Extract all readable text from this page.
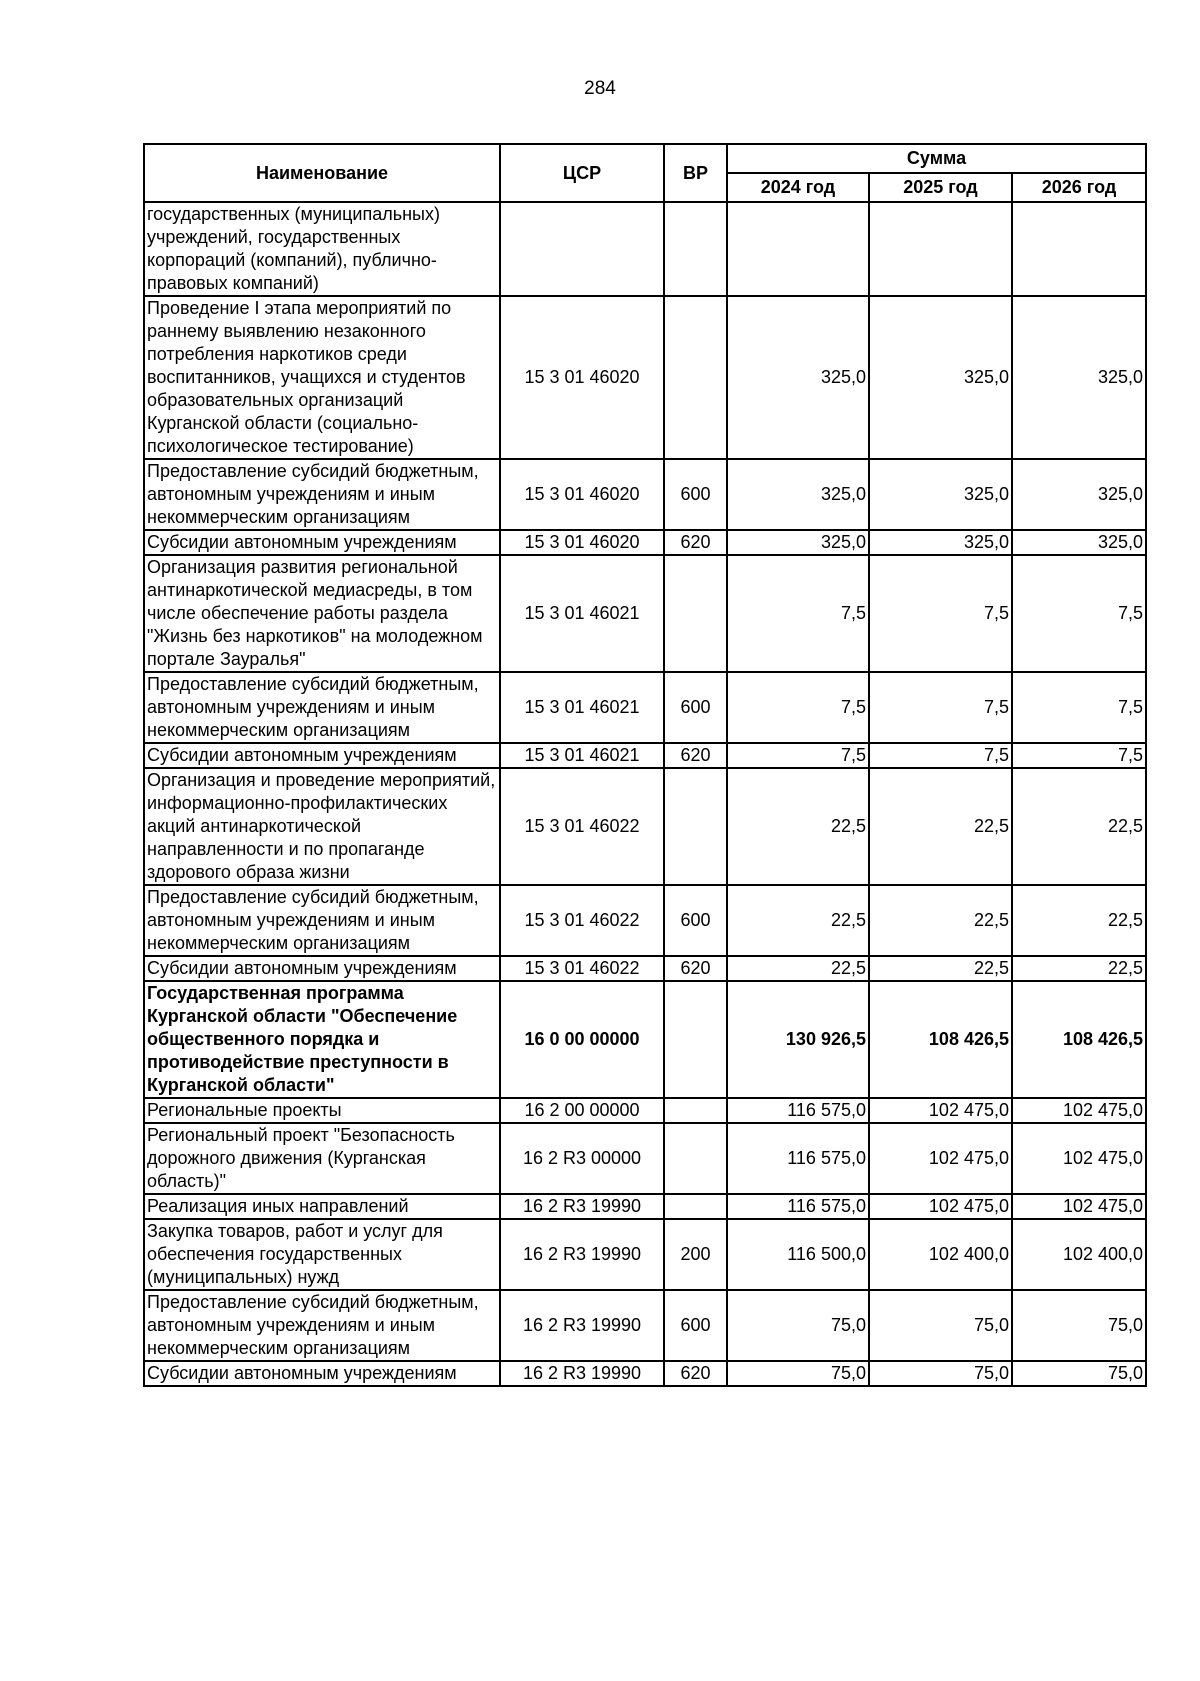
284
Наименование	ЦСР	ВР	Сумма		
			2024 год	2025 год	2026 год
государственных (муниципальных) учреждений, государственных корпораций (компаний), публично-правовых компаний)					
Проведение I этапа мероприятий по раннему выявлению незаконного потребления наркотиков среди воспитанников, учащихся и студентов образовательных организаций Курганской области (социально-психологическое тестирование)	15 3 01 46020		325,0	325,0	325,0
Предоставление субсидий бюджетным, автономным учреждениям и иным некоммерческим организациям	15 3 01 46020	600	325,0	325,0	325,0
Субсидии автономным учреждениям	15 3 01 46020	620	325,0	325,0	325,0
Организация развития региональной антинаркотической медиасреды, в том числе обеспечение работы раздела "Жизнь без наркотиков" на молодежном портале Зауралья"	15 3 01 46021		7,5	7,5	7,5
Предоставление субсидий бюджетным, автономным учреждениям и иным некоммерческим организациям	15 3 01 46021	600	7,5	7,5	7,5
Субсидии автономным учреждениям	15 3 01 46021	620	7,5	7,5	7,5
Организация и проведение мероприятий, информационно-профилактических акций антинаркотической направленности и по пропаганде здорового образа жизни	15 3 01 46022		22,5	22,5	22,5
Предоставление субсидий бюджетным, автономным учреждениям и иным некоммерческим организациям	15 3 01 46022	600	22,5	22,5	22,5
Субсидии автономным учреждениям	15 3 01 46022	620	22,5	22,5	22,5
Государственная программа Курганской области "Обеспечение общественного порядка и противодействие преступности в Курганской области"	16 0 00 00000		130 926,5	108 426,5	108 426,5
Региональные проекты	16 2 00 00000		116 575,0	102 475,0	102 475,0
Региональный проект "Безопасность дорожного движения (Курганская область)"	16 2 R3 00000		116 575,0	102 475,0	102 475,0
Реализация иных направлений	16 2 R3 19990		116 575,0	102 475,0	102 475,0
Закупка товаров, работ и услуг для обеспечения государственных (муниципальных) нужд	16 2 R3 19990	200	116 500,0	102 400,0	102 400,0
Предоставление субсидий бюджетным, автономным учреждениям и иным некоммерческим организациям	16 2 R3 19990	600	75,0	75,0	75,0
Субсидии автономным учреждениям	16 2 R3 19990	620	75,0	75,0	75,0
